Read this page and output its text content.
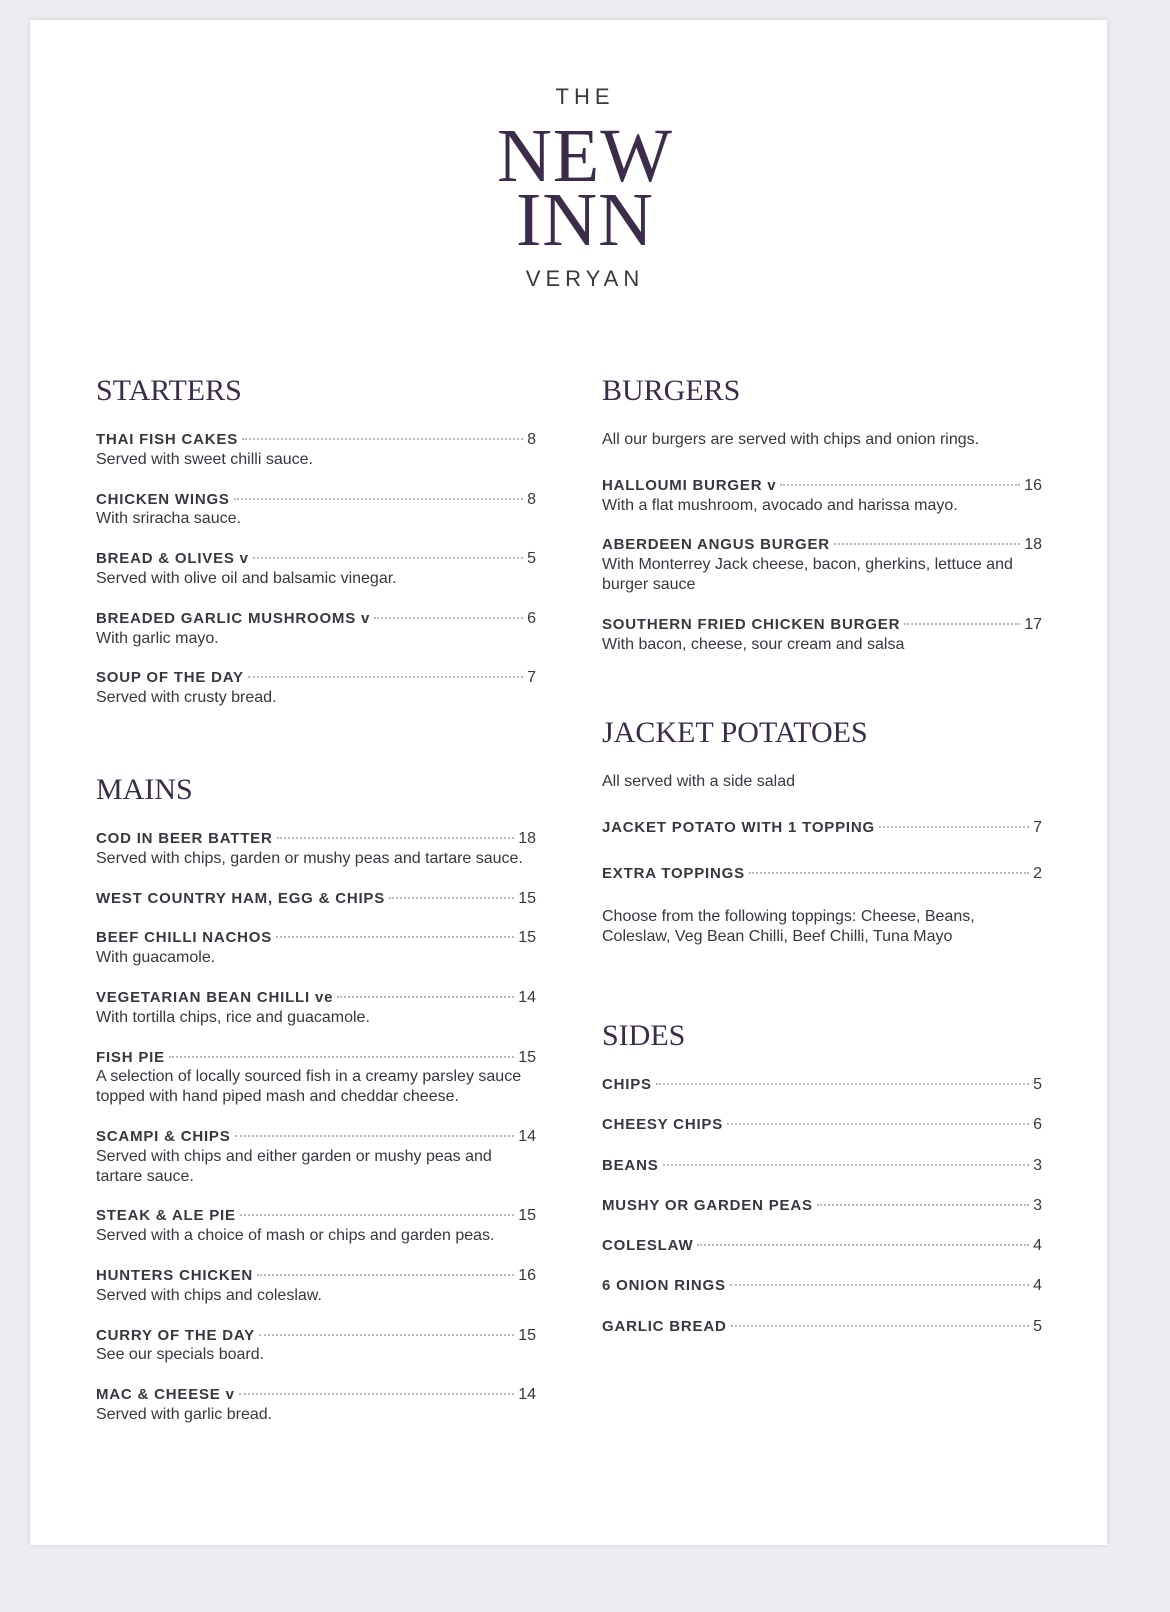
THE
NEW
INN
VERYAN
STARTERS
THAI FISH CAKES	8
Served with sweet chilli sauce.
CHICKEN WINGS	8
With sriracha sauce.
BREAD & OLIVES v	5
Served with olive oil and balsamic vinegar.
BREADED GARLIC MUSHROOMS v	6
With garlic mayo.
SOUP OF THE DAY	7
Served with crusty bread.
MAINS
COD IN BEER BATTER	18
Served with chips, garden or mushy peas and tartare sauce.
WEST COUNTRY HAM, EGG & CHIPS	15
BEEF CHILLI NACHOS	15
With guacamole.
VEGETARIAN BEAN CHILLI ve	14
With tortilla chips, rice and guacamole.
FISH PIE	15
A selection of locally sourced fish in a creamy parsley sauce topped with hand piped mash and cheddar cheese.
SCAMPI & CHIPS	14
Served with chips and either garden or mushy peas and tartare sauce.
STEAK & ALE PIE	15
Served with a choice of mash or chips and garden peas.
HUNTERS CHICKEN	16
Served with chips and coleslaw.
CURRY OF THE DAY	15
See our specials board.
MAC & CHEESE v	14
Served with garlic bread.
BURGERS
All our burgers are served with chips and onion rings.
HALLOUMI BURGER v	16
With a flat mushroom, avocado and harissa mayo.
ABERDEEN ANGUS BURGER	18
With Monterrey Jack cheese, bacon, gherkins, lettuce and burger sauce
SOUTHERN FRIED CHICKEN BURGER	17
With bacon, cheese, sour cream and salsa
JACKET POTATOES
All served with a side salad
JACKET POTATO WITH 1 TOPPING	7
EXTRA TOPPINGS	2
Choose from the following toppings: Cheese, Beans, Coleslaw, Veg Bean Chilli, Beef Chilli, Tuna Mayo
SIDES
CHIPS	5
CHEESY CHIPS	6
BEANS	3
MUSHY OR GARDEN PEAS	3
COLESLAW	4
6 ONION RINGS	4
GARLIC BREAD	5
